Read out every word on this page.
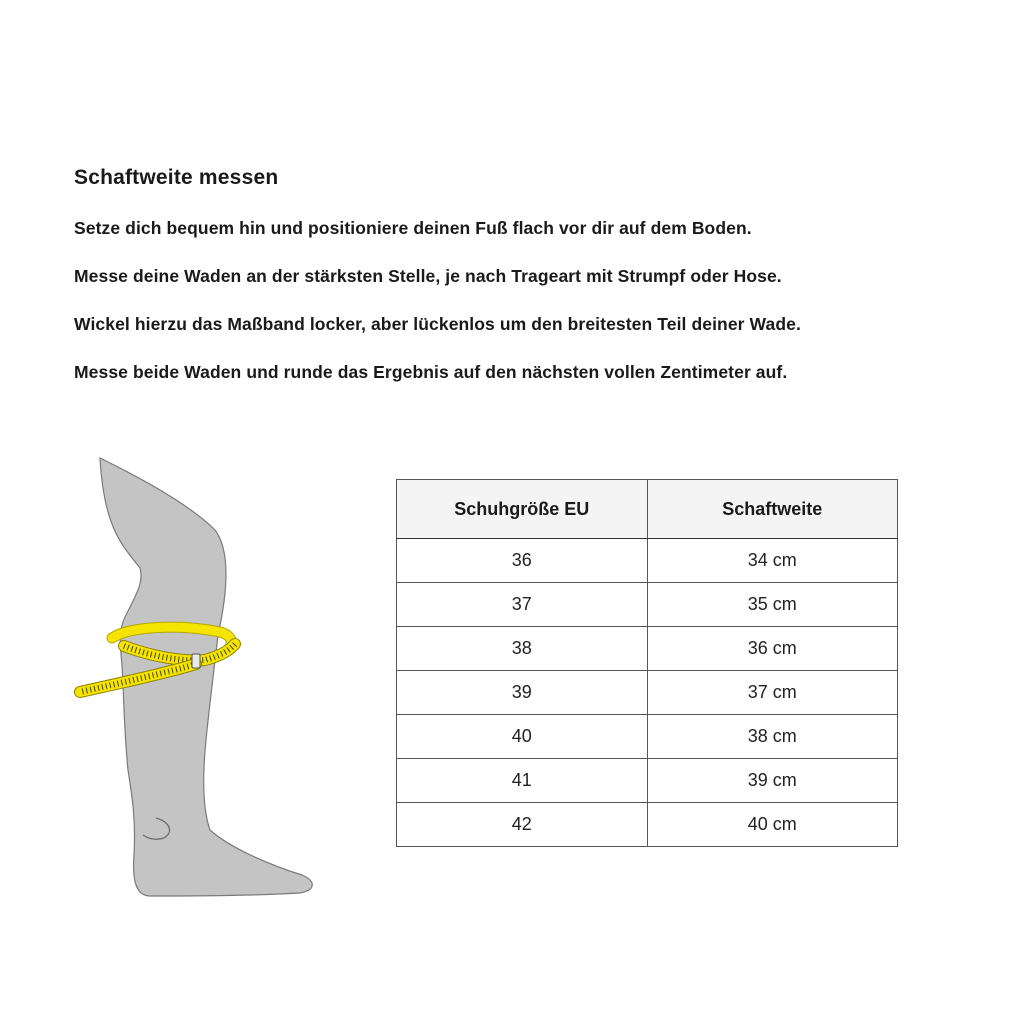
Schaftweite messen
Setze dich bequem hin und positioniere deinen Fuß flach vor dir auf dem Boden.
Messe deine Waden an der stärksten Stelle, je nach Trageart mit Strumpf oder Hose.
Wickel hierzu das Maßband locker, aber lückenlos um den breitesten Teil deiner Wade.
Messe beide Waden und runde das Ergebnis auf den nächsten vollen Zentimeter auf.
Schuhgröße EU	Schaftweite
36	34 cm
37	35 cm
38	36 cm
39	37 cm
40	38 cm
41	39 cm
42	40 cm
